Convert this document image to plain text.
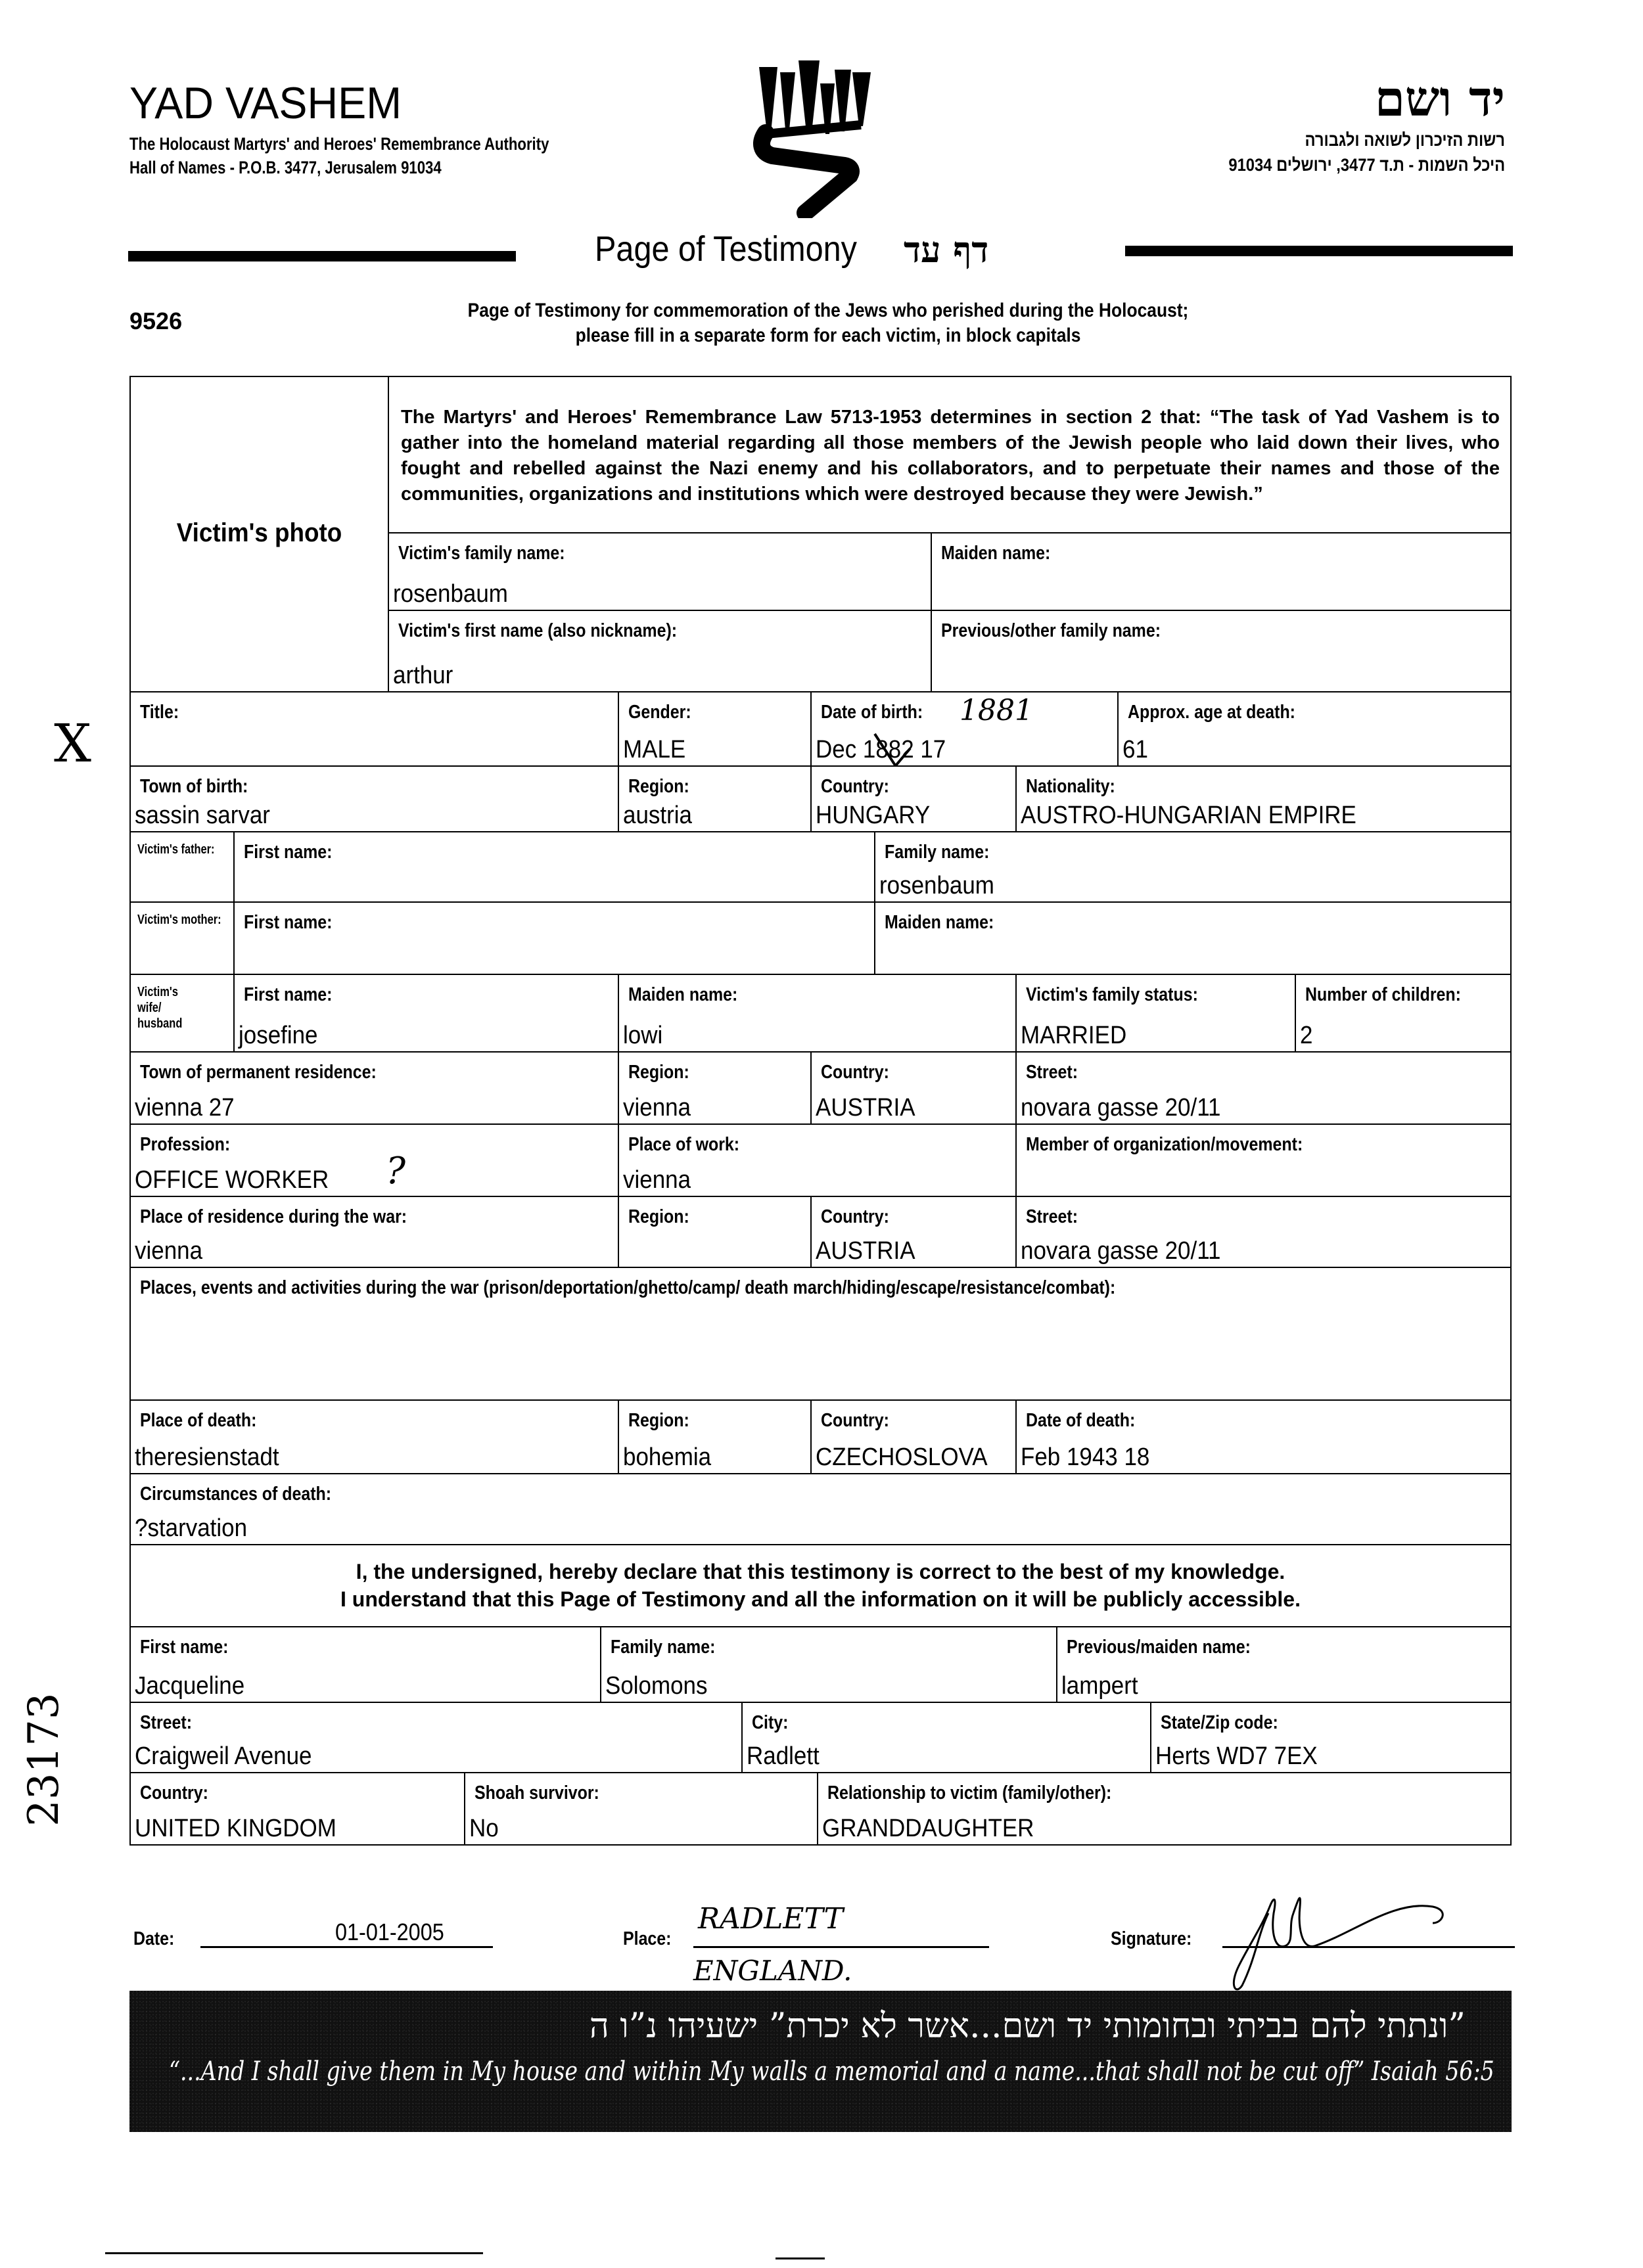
YAD VASHEM
The Holocaust Martyrs' and Heroes' Remembrance Authority
Hall of Names - P.O.B. 3477, Jerusalem 91034
יד ושם
רשות הזיכרון לשואה ולגבורה
היכל השמות - ת.ד 3477, ירושלים 91034
Page of Testimony דף עד
9526	Page of Testimony for commemoration of the Jews who perished during the Holocaust;
please fill in a separate form for each victim, in block capitals
Victim's photo
The Martyrs' and Heroes' Remembrance Law 5713-1953 determines in section 2 that: “The task of Yad Vashem is to gather into the homeland material regarding all those members of the Jewish people who laid down their lives, who fought and rebelled against the Nazi enemy and his collaborators, and to perpetuate their names and those of the communities, organizations and institutions which were destroyed because they were Jewish.”
Victim's family name:
rosenbaum
Maiden name:
Victim's first name (also nickname):
arthur
Previous/other family name:
Title:	Gender:
MALE
Date of birth: 1881
Dec 1882 17
Approx. age at death:
61
Town of birth:
sassin sarvar
Region:
austria
Country:
HUNGARY
Nationality:
AUSTRO-HUNGARIAN EMPIRE
Victim's father:	First name:	Family name:
rosenbaum
Victim's mother: First name:	Maiden name:
Victim's wife/ husband
First name:
josefine
Maiden name:
lowi
Victim's family status:
MARRIED
Number of children:
2
Town of permanent residence:
vienna 27
Region:
vienna
Country:
AUSTRIA
Street:
novara gasse 20/11
Profession:
OFFICE WORKER ?
Place of work:
vienna
Member of organization/movement:
Place of residence during the war:
vienna
Region:	Country:
AUSTRIA
Street:
novara gasse 20/11
Places, events and activities during the war (prison/deportation/ghetto/camp/ death march/hiding/escape/resistance/combat):
Place of death:
theresienstadt
Region:
bohemia
Country:
CZECHOSLOVA
Date of death:
Feb 1943 18
Circumstances of death:
?starvation
I, the undersigned, hereby declare that this testimony is correct to the best of my knowledge.
I understand that this Page of Testimony and all the information on it will be publicly accessible.
First name:
Jacqueline
Family name:
Solomons
Previous/maiden name:
lampert
Street:
Craigweil Avenue
City:
Radlett
State/Zip code:
Herts WD7 7EX
Country:
UNITED KINGDOM
Shoah survivor:
No
Relationship to victim (family/other):
GRANDDAUGHTER
Date:	01-01-2005	Place:
RADLETT
ENGLAND.
Signature:
”ונתתי להם בביתי ובחומותי יד ושם...אשר לא יכרת” ישעיהו נ”ו ה
“...And I shall give them in My house and within My walls a memorial and a name...that shall not be cut off” Isaiah 56:5
X
23173
